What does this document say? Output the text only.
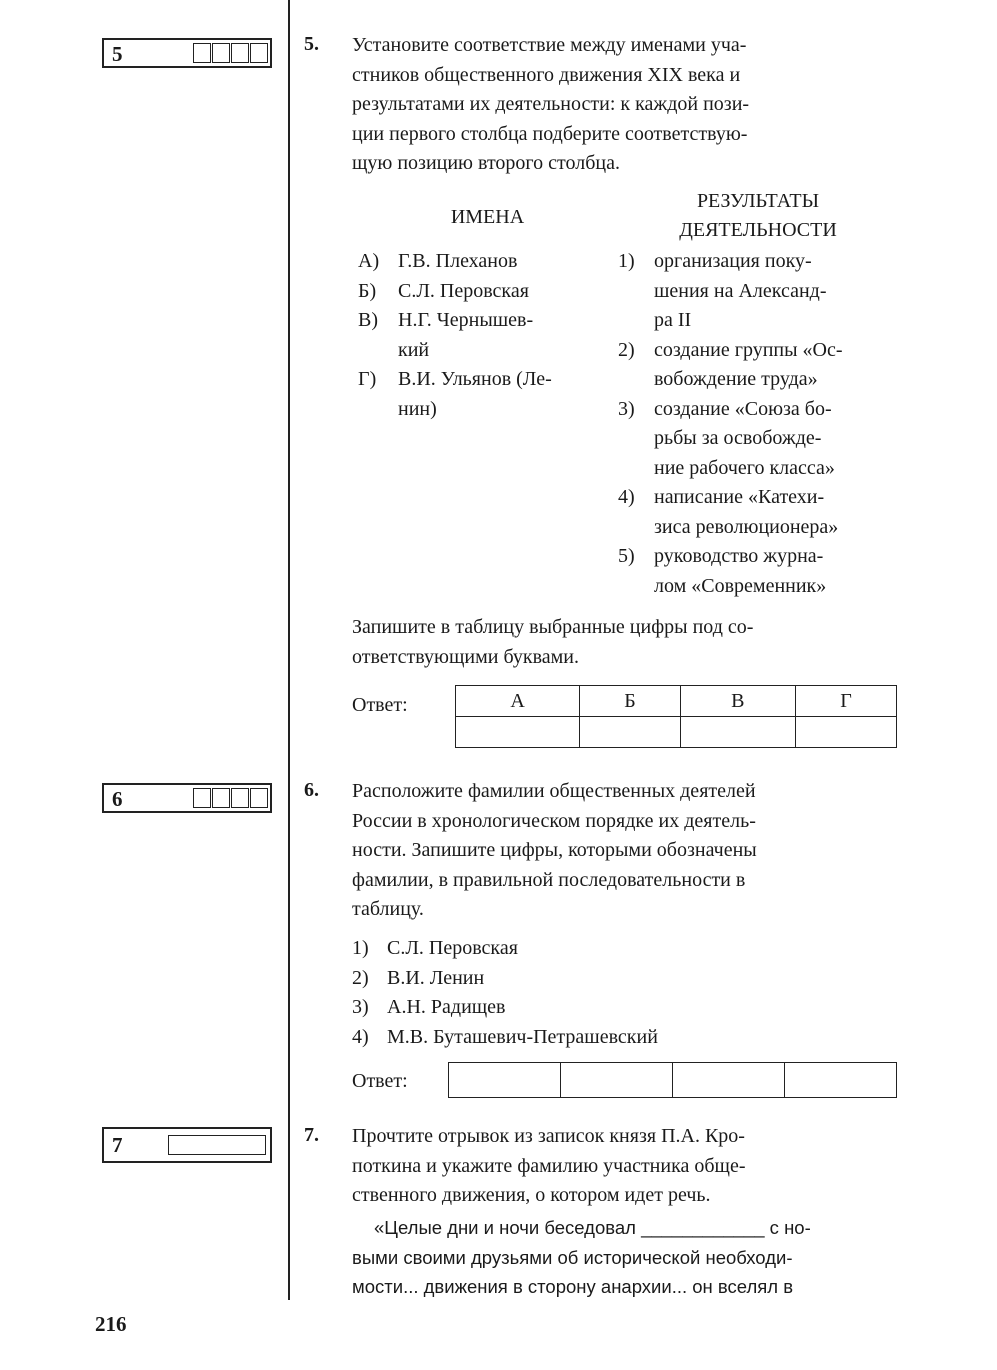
5	5. Установите соответствие между именами уча-
стников общественного движения XIX века и
результатами их деятельности: к каждой пози-
ции первого столбца подберите соответствую-
щую позицию второго столбца.
ИМЕНА
РЕЗУЛЬТАТЫ
ДЕЯТЕЛЬНОСТИ
А) Г.В. Плеханов
Б) С.Л. Перовская
В) Н.Г. Чернышев-
кий
Г) В.И. Ульянов (Ле-
нин)
1) организация поку-
шения на Александ-
ра II
2) создание группы «Ос-
вобождение труда»
3) создание «Союза бо-
рьбы за освобожде-
ние рабочего класса»
4) написание «Катехи-
зиса революционера»
5) руководство журна-
лом «Современник»
Запишите в таблицу выбранные цифры под со-
ответствующими буквами.
Ответ:	А	Б	В	Г

6	6. Расположите фамилии общественных деятелей
России в хронологическом порядке их деятель-
ности. Запишите цифры, которыми обозначены
фамилии, в правильной последовательности в
таблицу.
1) С.Л. Перовская
2) В.И. Ленин
3) А.Н. Радищев
4) М.В. Буташевич-Петрашевский
Ответ:

7	7. Прочтите отрывок из записок князя П.А. Кро-
поткина и укажите фамилию участника обще-
ственного движения, о котором идет речь.
«Целые дни и ночи беседовал ____________ с но-
выми своими друзьями об исторической необходи-
мости... движения в сторону анархии... он вселял в
216
